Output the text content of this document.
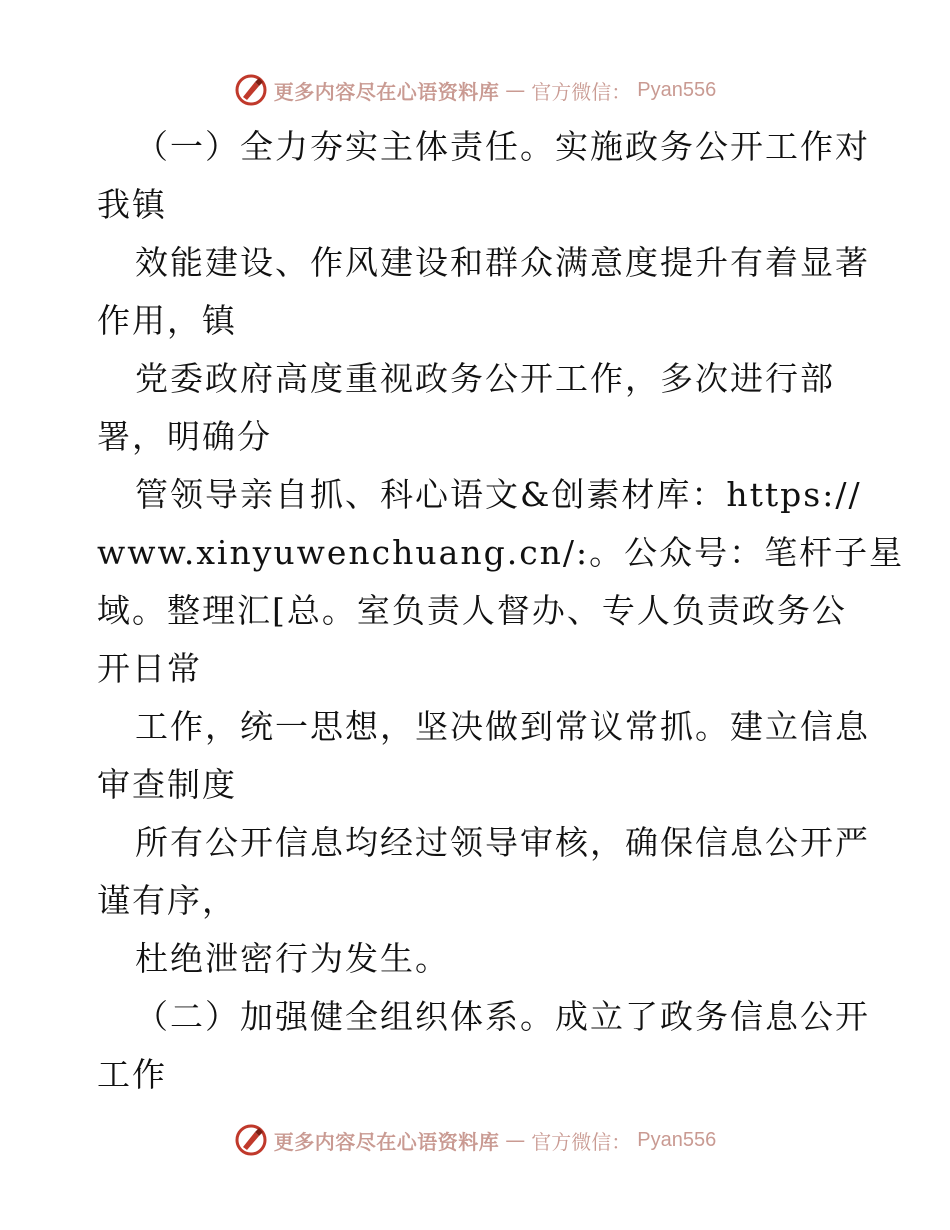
更多内容尽在心语资料库 — 官方微信： Pyan556
（一）全力夯实主体责任。实施政务公开工作对
我镇
效能建设、作风建设和群众满意度提升有着显著
作用，镇
党委政府高度重视政务公开工作，多次进行部
署，明确分
管领导亲自抓、科心语文&创素材库：https://
www.xinyuwenchuang.cn/:。公众号：笔杆子星
域。整理汇[总。室负责人督办、专人负责政务公
开日常
工作，统一思想，坚决做到常议常抓。建立信息
审查制度
所有公开信息均经过领导审核，确保信息公开严
谨有序，
杜绝泄密行为发生。
（二）加强健全组织体系。成立了政务信息公开
工作
更多内容尽在心语资料库 — 官方微信： Pyan556
